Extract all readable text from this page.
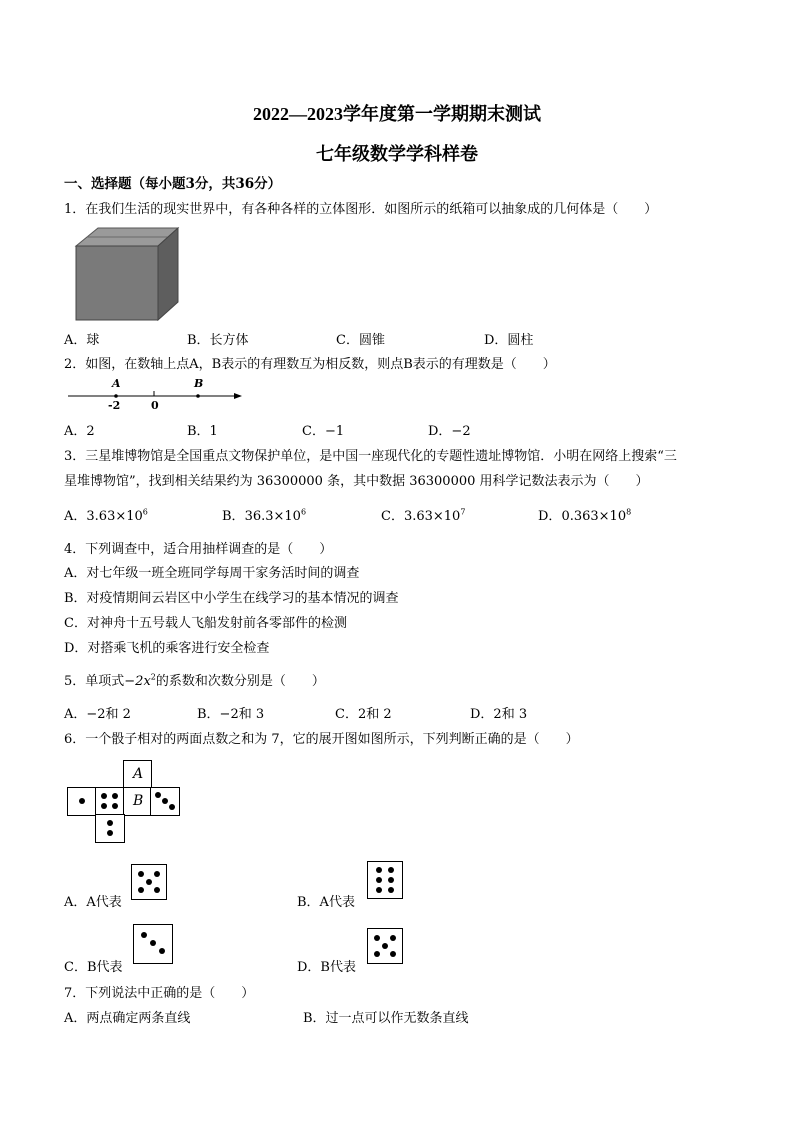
2022—2023学年度第一学期期末测试
七年级数学学科样卷
一、选择题（每小题3分，共36分）
1．在我们生活的现实世界中，有各种各样的立体图形．如图所示的纸箱可以抽象成的几何体是（　　）
A．球	B．长方体	C．圆锥	D．圆柱
2．如图，在数轴上点A，B表示的有理数互为相反数，则点B表示的有理数是（　　）
A	B
-2	0
A．2	B．1	C．−1	D．−2
3．三星堆博物馆是全国重点文物保护单位，是中国一座现代化的专题性遗址博物馆．小明在网络上搜索“三
星堆博物馆”，找到相关结果约为 36300000 条，其中数据 36300000 用科学记数法表示为（　　）
A．$3.63\times 10^6$	B．$36.3\times 10^6$	C．$3.63\times 10^7$	D．$0.363\times 10^8$
4．下列调查中，适合用抽样调查的是（　　）
A．对七年级一班全班同学每周干家务活时间的调查
B．对疫情期间云岩区中小学生在线学习的基本情况的调查
C．对神舟十五号载人飞船发射前各零部件的检测
D．对搭乘飞机的乘客进行安全检查
5．单项式$-2x^2$的系数和次数分别是（　　）
A．−2和 2	B．−2和 3	C．2和 2	D．2和 3
6．一个骰子相对的两面点数之和为 7，它的展开图如图所示，下列判断正确的是（　　）
A
B
A．A代表	B．A代表
C．B代表	D．B代表
7．下列说法中正确的是（　　）
A．两点确定两条直线	B．过一点可以作无数条直线
